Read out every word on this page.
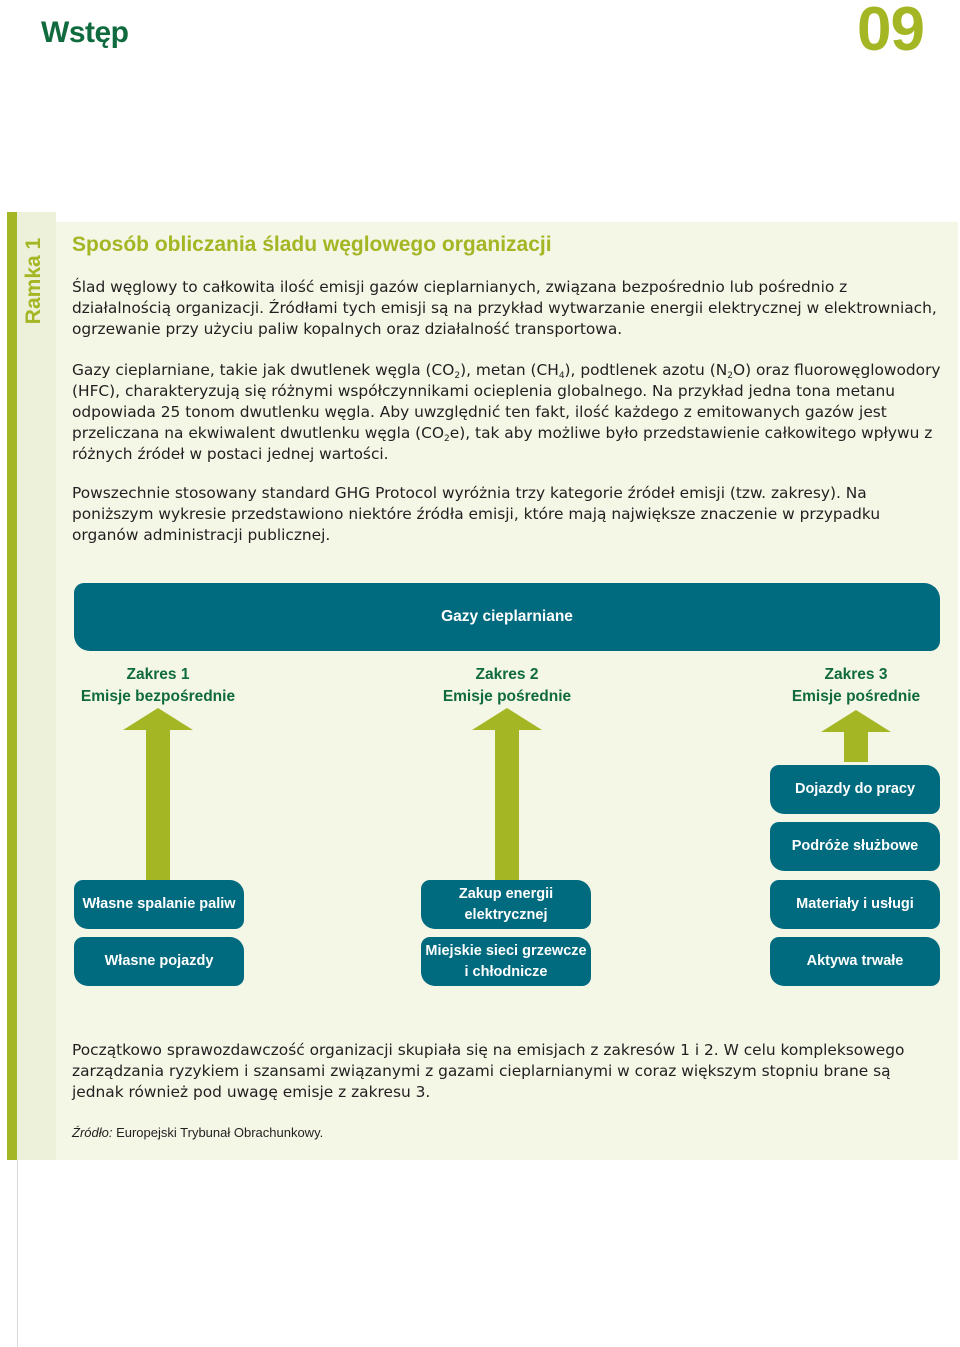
Wstęp	09
Ramka 1 Sposób obliczania śladu węglowego organizacji

Ślad węglowy to całkowita ilość emisji gazów cieplarnianych, związana bezpośrednio lub pośrednio z działalnością organizacji. Źródłami tych emisji są na przykład wytwarzanie energii elektrycznej w elektrowniach, ogrzewanie przy użyciu paliw kopalnych oraz działalność transportowa.

Gazy cieplarniane, takie jak dwutlenek węgla $(CO_2)$, metan $(CH_4)$, podtlenek azotu $(N_2O)$ oraz fluorowęglowodory (HFC), charakteryzują się różnymi współczynnikami ocieplenia globalnego. Na przykład jedna tona metanu odpowiada 25 tonom dwutlenku węgla. Aby uwzględnić ten fakt, ilość każdego z emitowanych gazów jest przeliczana na ekwiwalent dwutlenku węgla $(CO_2e)$, tak aby możliwe było przedstawienie całkowitego wpływu z różnych źródeł w postaci jednej wartości.

Powszechnie stosowany standard GHG Protocol wyróżnia trzy kategorie źródeł emisji (tzw. zakresy). Na poniższym wykresie przedstawiono niektóre źródła emisji, które mają największe znaczenie w przypadku organów administracji publicznej.

Gazy cieplarniane
Zakres 1
Emisje bezpośrednie
Zakres 2
Emisje pośrednie
Zakres 3
Emisje pośrednie
Własne spalanie paliw
Własne pojazdy
Zakup energii elektrycznej
Miejskie sieci grzewcze i chłodnicze
Dojazdy do pracy
Podróże służbowe
Materiały i usługi
Aktywa trwałe

Początkowo sprawozdawczość organizacji skupiała się na emisjach z zakresów 1 i 2. W celu kompleksowego zarządzania ryzykiem i szansami związanymi z gazami cieplarnianymi w coraz większym stopniu brane są jednak również pod uwagę emisje z zakresu 3.

Źródło: Europejski Trybunał Obrachunkowy.
